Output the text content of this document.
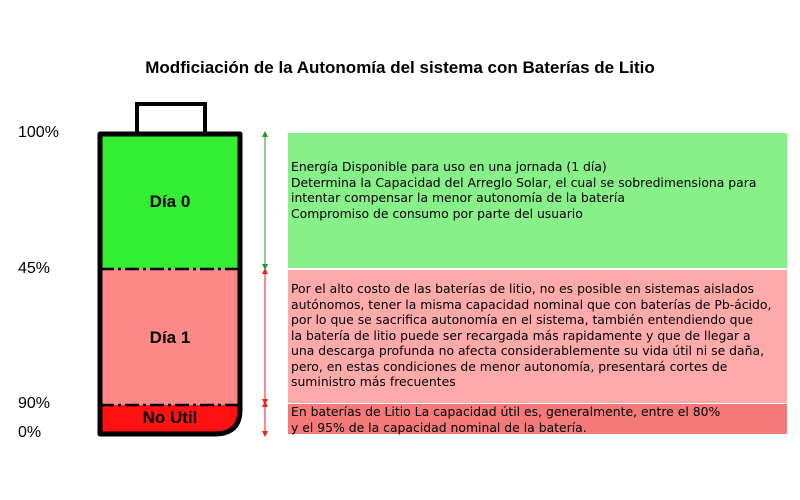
Modficiación de la Autonomía del sistema con Baterías de Litio
100%
45%
90%
0%
Día 0
Día 1
No Util
Energía Disponible para uso en una jornada (1 día)
Determina la Capacidad del Arreglo Solar, el cual se sobredimensiona para
intentar compensar la menor autonomía de la batería
Compromiso de consumo por parte del usuario
Por el alto costo de las baterías de litio, no es posible en sistemas aislados
autónomos, tener la misma capacidad nominal que con baterías de Pb-ácido,
por lo que se sacrifica autonomía en el sistema, también entendiendo que
la batería de litio puede ser recargada más rapidamente y que de llegar a
una descarga profunda no afecta considerablemente su vida útil ni se daña,
pero, en estas condiciones de menor autonomía, presentará cortes de
suministro más frecuentes
En baterías de Litio La capacidad útil es, generalmente, entre el 80%
y el 95% de la capacidad nominal de la batería.
